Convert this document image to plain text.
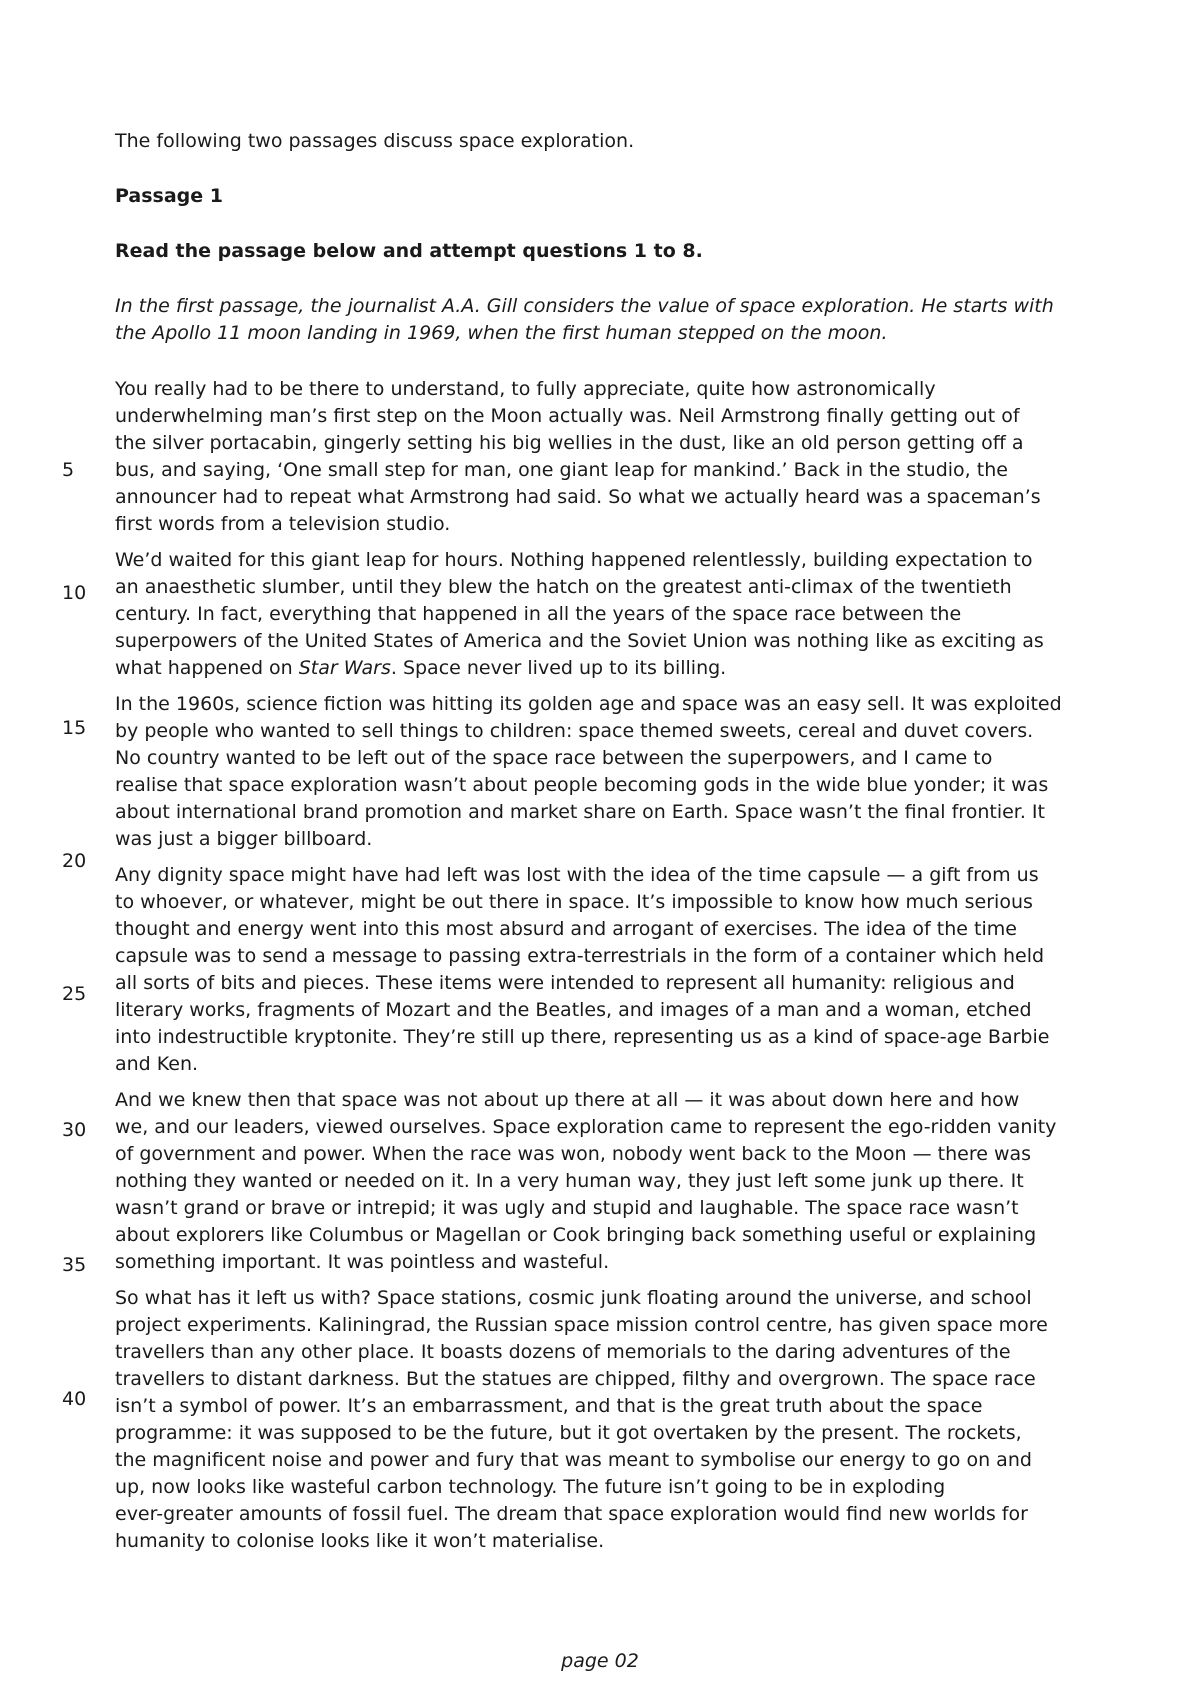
The following two passages discuss space exploration.
Passage 1
Read the passage below and attempt questions 1 to 8.
In the first passage, the journalist A.A. Gill considers the value of space exploration. He starts with
the Apollo 11 moon landing in 1969, when the first human stepped on the moon.
5
10
15
20
25
30
35
40
You really had to be there to understand, to fully appreciate, quite how astronomically
underwhelming man’s first step on the Moon actually was. Neil Armstrong finally getting out of
the silver portacabin, gingerly setting his big wellies in the dust, like an old person getting off a
bus, and saying, ‘One small step for man, one giant leap for mankind.’ Back in the studio, the
announcer had to repeat what Armstrong had said. So what we actually heard was a spaceman’s
first words from a television studio.
We’d waited for this giant leap for hours. Nothing happened relentlessly, building expectation to
an anaesthetic slumber, until they blew the hatch on the greatest anti-climax of the twentieth
century. In fact, everything that happened in all the years of the space race between the
superpowers of the United States of America and the Soviet Union was nothing like as exciting as
what happened on Star Wars. Space never lived up to its billing.
In the 1960s, science fiction was hitting its golden age and space was an easy sell. It was exploited
by people who wanted to sell things to children: space themed sweets, cereal and duvet covers.
No country wanted to be left out of the space race between the superpowers, and I came to
realise that space exploration wasn’t about people becoming gods in the wide blue yonder; it was
about international brand promotion and market share on Earth. Space wasn’t the final frontier. It
was just a bigger billboard.
Any dignity space might have had left was lost with the idea of the time capsule — a gift from us
to whoever, or whatever, might be out there in space. It’s impossible to know how much serious
thought and energy went into this most absurd and arrogant of exercises. The idea of the time
capsule was to send a message to passing extra-terrestrials in the form of a container which held
all sorts of bits and pieces. These items were intended to represent all humanity: religious and
literary works, fragments of Mozart and the Beatles, and images of a man and a woman, etched
into indestructible kryptonite. They’re still up there, representing us as a kind of space-age Barbie
and Ken.
And we knew then that space was not about up there at all — it was about down here and how
we, and our leaders, viewed ourselves. Space exploration came to represent the ego-ridden vanity
of government and power. When the race was won, nobody went back to the Moon — there was
nothing they wanted or needed on it. In a very human way, they just left some junk up there. It
wasn’t grand or brave or intrepid; it was ugly and stupid and laughable. The space race wasn’t
about explorers like Columbus or Magellan or Cook bringing back something useful or explaining
something important. It was pointless and wasteful.
So what has it left us with? Space stations, cosmic junk floating around the universe, and school
project experiments. Kaliningrad, the Russian space mission control centre, has given space more
travellers than any other place. It boasts dozens of memorials to the daring adventures of the
travellers to distant darkness. But the statues are chipped, filthy and overgrown. The space race
isn’t a symbol of power. It’s an embarrassment, and that is the great truth about the space
programme: it was supposed to be the future, but it got overtaken by the present. The rockets,
the magnificent noise and power and fury that was meant to symbolise our energy to go on and
up, now looks like wasteful carbon technology. The future isn’t going to be in exploding
ever-greater amounts of fossil fuel. The dream that space exploration would find new worlds for
humanity to colonise looks like it won’t materialise.
page 02
